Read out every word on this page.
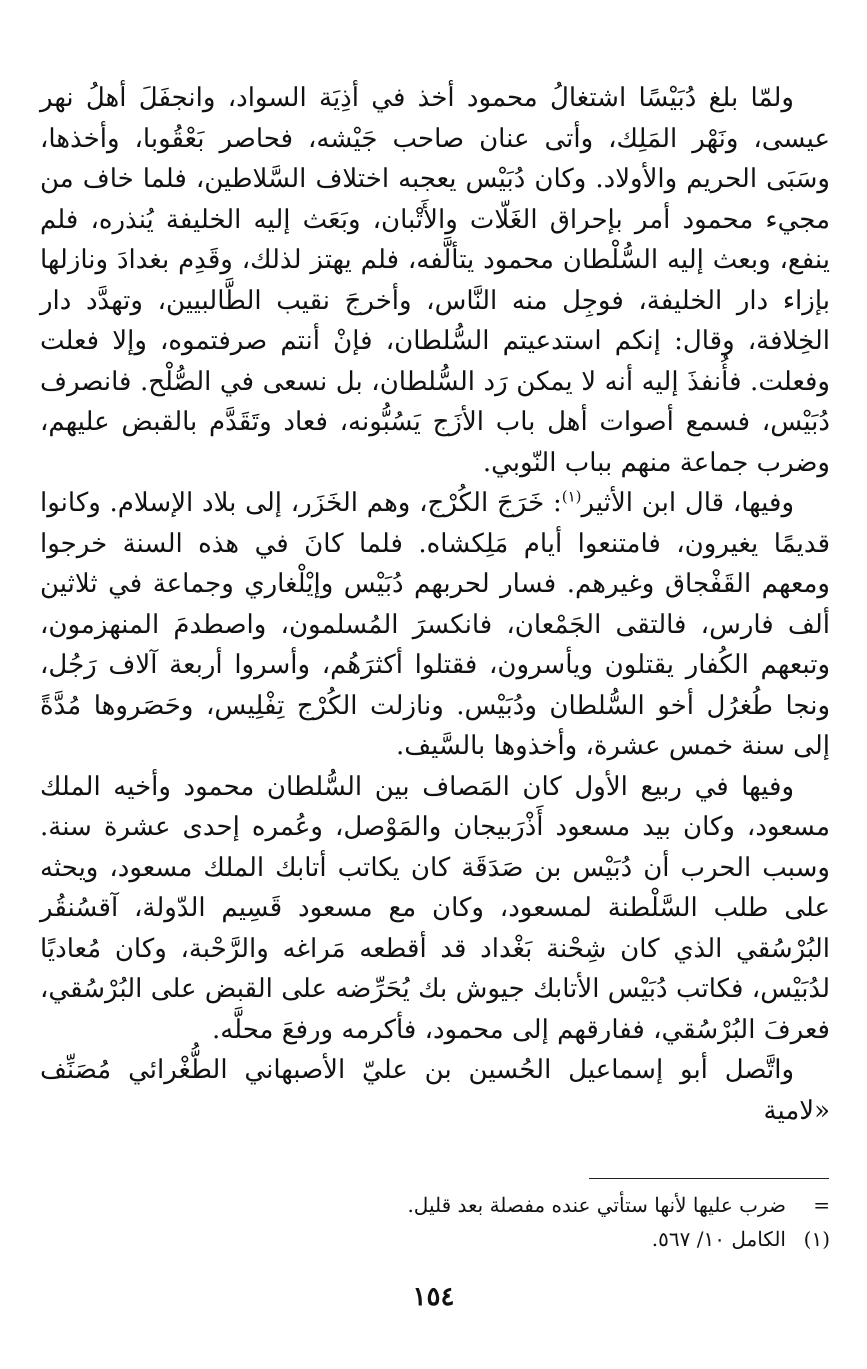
ولمّا بلغ دُبَيْسًا اشتغالُ محمود أخذ في أذِيَة السواد، وانجفَلَ أهلُ نهر عيسى، ونَهْر المَلِك، وأتى عنان صاحب جَيْشه، فحاصر بَعْقُوبا، وأخذها، وسَبَى الحريم والأولاد. وكان دُبَيْس يعجبه اختلاف السَّلاطين، فلما خاف من مجيء محمود أمر بإحراق الغَلّات والأَتْبان، وبَعَث إليه الخليفة يُنذره، فلم ينفع، وبعث إليه السُّلْطان محمود يتألَّفه، فلم يهتز لذلك، وقَدِم بغدادَ ونازلها بإزاء دار الخليفة، فوجِل منه النَّاس، وأخرجَ نقيب الطَّالبيين، وتهدَّد دار الخِلافة، وقال: إنكم استدعيتم السُّلطان، فإنْ أنتم صرفتموه، وإلا فعلت وفعلت. فأُنفذَ إليه أنه لا يمكن رَد السُّلطان، بل نسعى في الصُّلْح. فانصرف دُبَيْس، فسمع أصوات أهل باب الأزَج يَسُبُّونه، فعاد وتَقَدَّم بالقبض عليهم، وضرب جماعة منهم بباب النّوبي.

وفيها، قال ابن الأثير$^{(١)}$: خَرَجَ الكُرْج، وهم الخَزَر، إلى بلاد الإسلام. وكانوا قديمًا يغيرون، فامتنعوا أيام مَلِكشاه. فلما كانَ في هذه السنة خرجوا ومعهم القَفْجاق وغيرهم. فسار لحربهم دُبَيْس وإيْلْغاري وجماعة في ثلاثين ألف فارس، فالتقى الجَمْعان، فانكسرَ المُسلمون، واصطدمَ المنهزمون، وتبعهم الكُفار يقتلون ويأسرون، فقتلوا أكثرَهُم، وأسروا أربعة آلاف رَجُل، ونجا طُغرُل أخو السُّلطان ودُبَيْس. ونازلت الكُرْج تِفْلِيس، وحَصَروها مُدَّةً إلى سنة خمس عشرة، وأخذوها بالسَّيف.

وفيها في ربيع الأول كان المَصاف بين السُّلطان محمود وأخيه الملك مسعود، وكان بيد مسعود أَذْرَبيجان والمَوْصل، وعُمره إحدى عشرة سنة. وسبب الحرب أن دُبَيْس بن صَدَقَة كان يكاتب أتابك الملك مسعود، ويحثه على طلب السَّلْطنة لمسعود، وكان مع مسعود قَسِيم الدّولة، آقسُنقُر البُرْسُقي الذي كان شِحْنة بَغْداد قد أقطعه مَراغه والرَّحْبة، وكان مُعاديًا لدُبَيْس، فكاتب دُبَيْس الأتابك جيوش بك يُحَرِّضه على القبض على البُرْسُقي، فعرفَ البُرْسُقي، ففارقهم إلى محمود، فأكرمه ورفعَ محلَّه.

واتَّصل أبو إسماعيل الحُسين بن عليّ الأصبهاني الطُّغْرائي مُصَنِّف «لامية

=
ضرب عليها لأنها ستأتي عنده مفصلة بعد قليل.
(١)
الكامل ١٠/ ٥٦٧.
١٥٤
